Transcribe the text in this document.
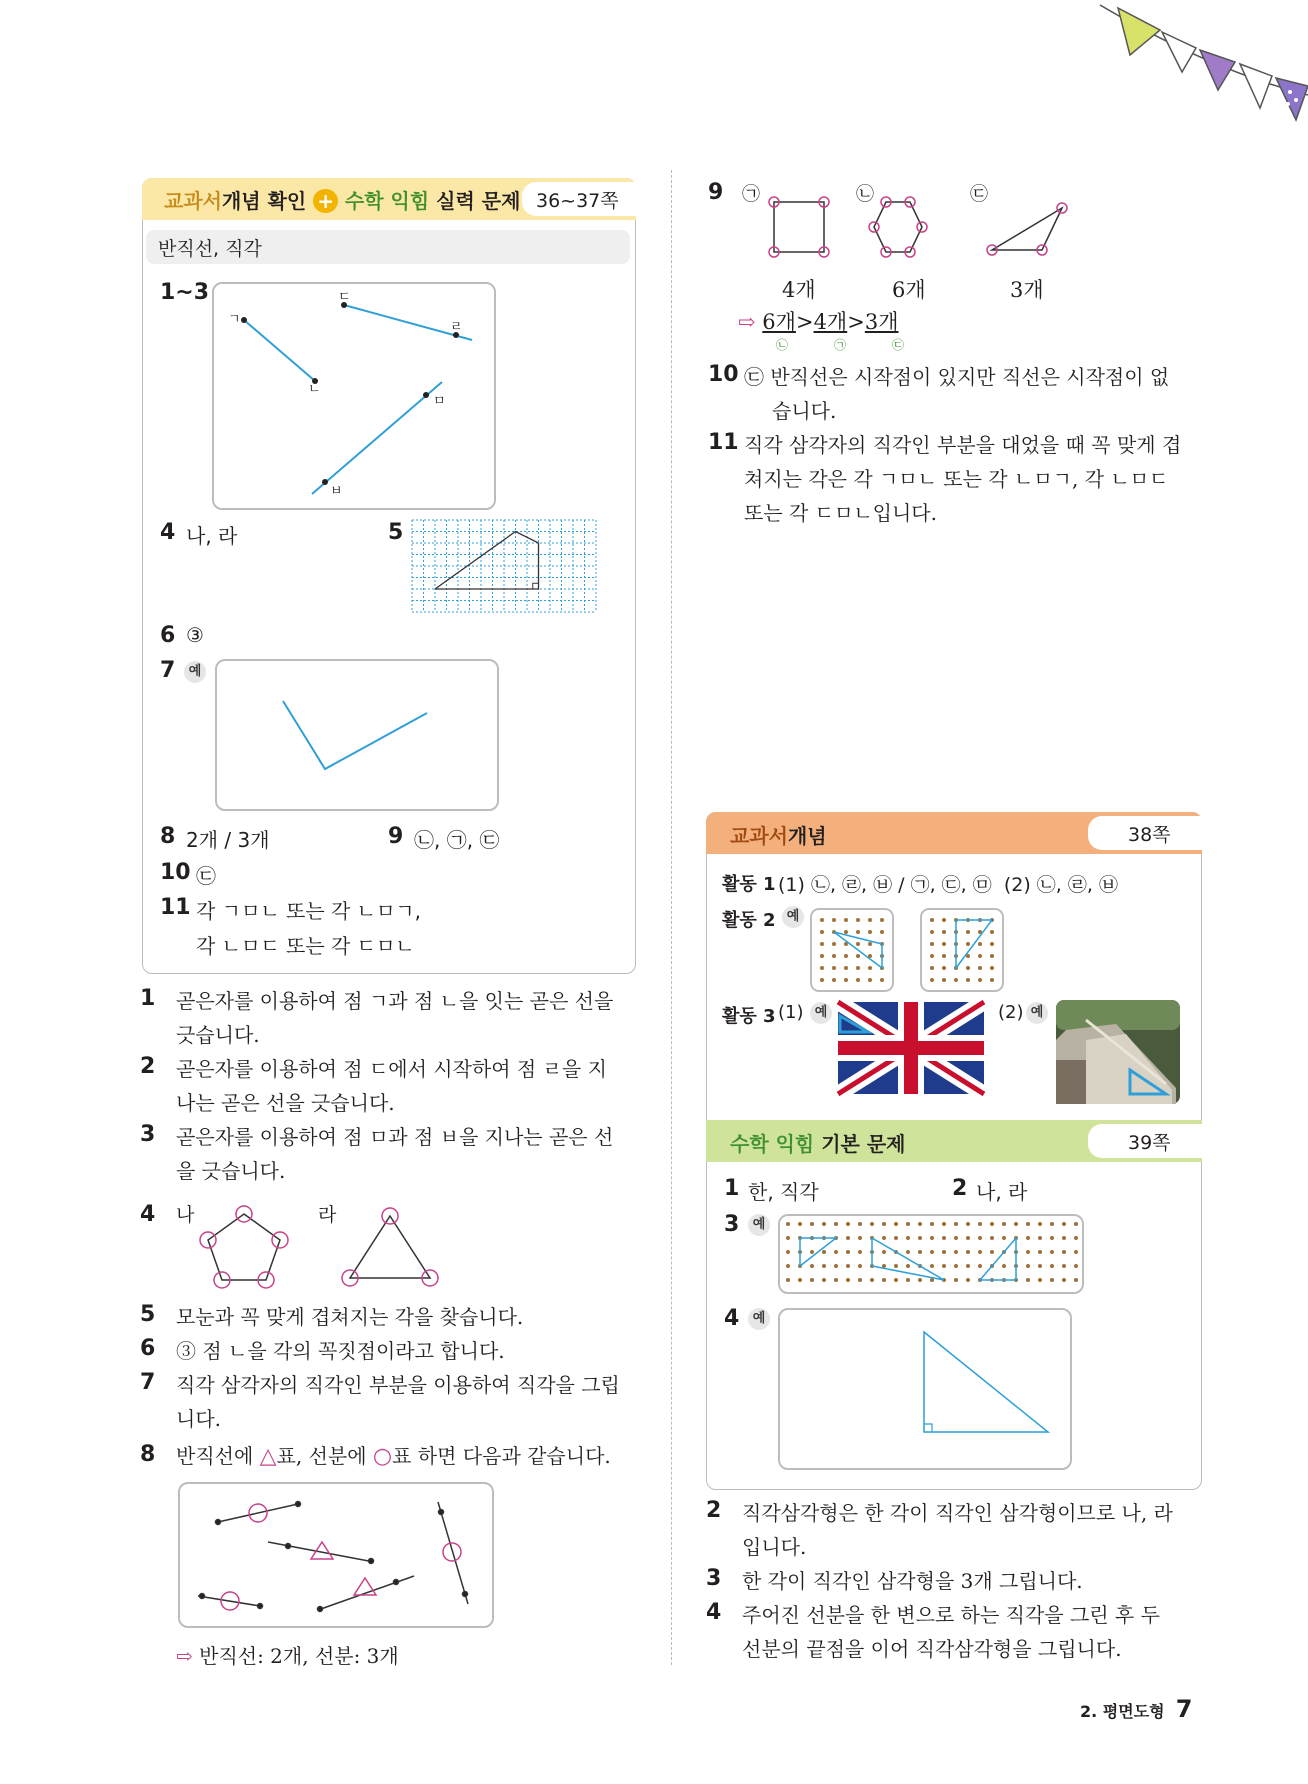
교과서개념 확인 + 수학 익힘 실력 문제 36~37쪽
반직선, 직각
1~3
ㄱ
ㄴ
ㄷ
ㄹ
ㅁ
ㅂ
4 나, 라	5
6 ③
7	예
8 2개 / 3개	9 ㉡, ㉠, ㉢
10 ㉢
11 각 ㄱㅁㄴ 또는 각 ㄴㅁㄱ,
각 ㄴㅁㄷ 또는 각 ㄷㅁㄴ
1 곧은자를 이용하여 점 ㄱ과 점 ㄴ을 잇는 곧은 선을
긋습니다.
2 곧은자를 이용하여 점 ㄷ에서 시작하여 점 ㄹ을 지
나는 곧은 선을 긋습니다.
3 곧은자를 이용하여 점 ㅁ과 점 ㅂ을 지나는 곧은 선
을 긋습니다.
4 나	라
5 모눈과 꼭 맞게 겹쳐지는 각을 찾습니다.
6 ③ 점 ㄴ을 각의 꼭짓점이라고 합니다.
7 직각 삼각자의 직각인 부분을 이용하여 직각을 그립
니다.
8 반직선에 △표, 선분에 ○표 하면 다음과 같습니다.
⇨ 반직선: 2개, 선분: 3개
9 ㉠	㉡	㉢
4개	6개	3개
⇨ 6개>4개>3개
㉡	㉠	㉢
10 ㉢ 반직선은 시작점이 있지만 직선은 시작점이 없
습니다.
11 직각 삼각자의 직각인 부분을 대었을 때 꼭 맞게 겹
쳐지는 각은 각 ㄱㅁㄴ 또는 각 ㄴㅁㄱ, 각 ㄴㅁㄷ
또는 각 ㄷㅁㄴ입니다.
교과서개념	38쪽
활동 1 (1) ㉡, ㉣, ㉥ / ㉠, ㉢, ㉤  (2) ㉡, ㉣, ㉥
활동 2 예
활동 3 (1) 예	(2) 예
수학 익힘 기본 문제	39쪽
1 한, 직각	2 나, 라
3	예
4	예
2 직각삼각형은 한 각이 직각인 삼각형이므로 나, 라
입니다.
3 한 각이 직각인 삼각형을 3개 그립니다.
4 주어진 선분을 한 변으로 하는 직각을 그린 후 두
선분의 끝점을 이어 직각삼각형을 그립니다.
2. 평면도형 7
